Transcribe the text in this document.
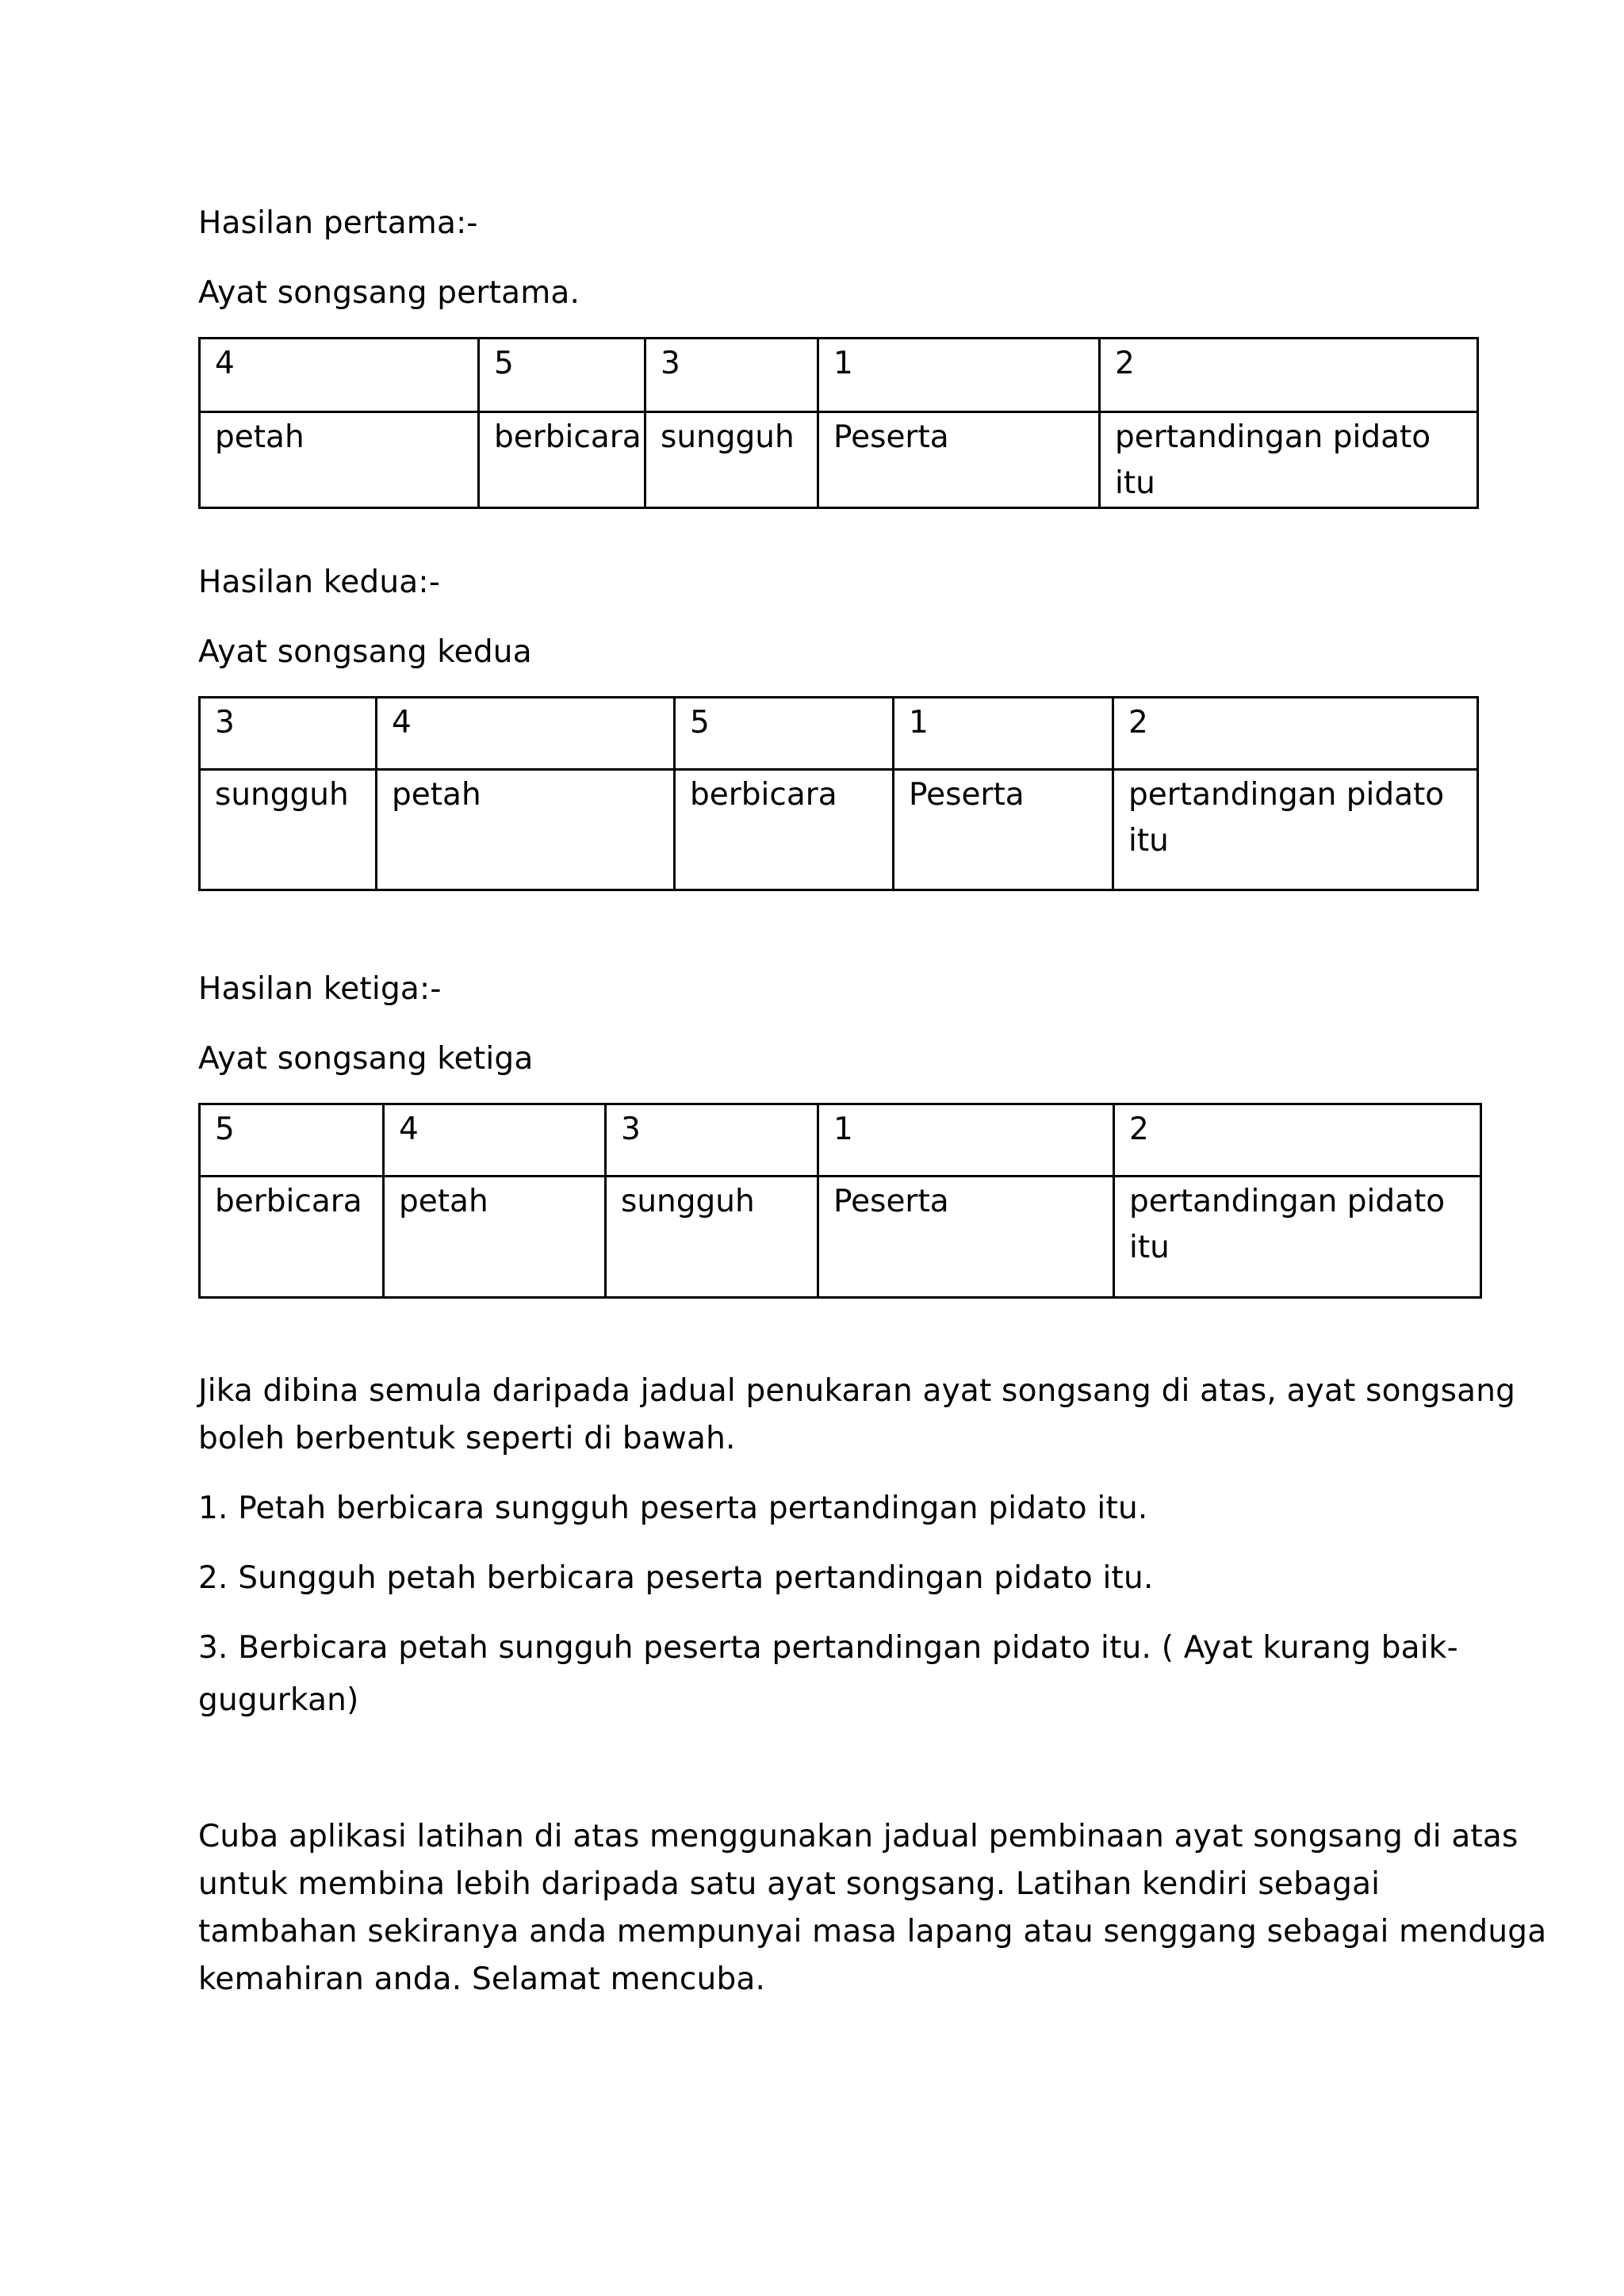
Hasilan pertama:-
Ayat songsang pertama.
4	5	3	1	2
petah	berbicara	sungguh	Peserta	pertandingan pidato itu
Hasilan kedua:-
Ayat songsang kedua
3	4	5	1	2
sungguh	petah	berbicara	Peserta	pertandingan pidato itu
Hasilan ketiga:-
Ayat songsang ketiga
5	4	3	1	2
berbicara	petah	sungguh	Peserta	pertandingan pidato itu
Jika dibina semula daripada jadual penukaran ayat songsang di atas, ayat songsang
boleh berbentuk seperti di bawah.
1. Petah berbicara sungguh peserta pertandingan pidato itu.
2. Sungguh petah berbicara peserta pertandingan pidato itu.
3. Berbicara petah sungguh peserta pertandingan pidato itu. ( Ayat kurang baik-
gugurkan)
Cuba aplikasi latihan di atas menggunakan jadual pembinaan ayat songsang di atas
untuk membina lebih daripada satu ayat songsang. Latihan kendiri sebagai
tambahan sekiranya anda mempunyai masa lapang atau senggang sebagai menduga
kemahiran anda. Selamat mencuba.
